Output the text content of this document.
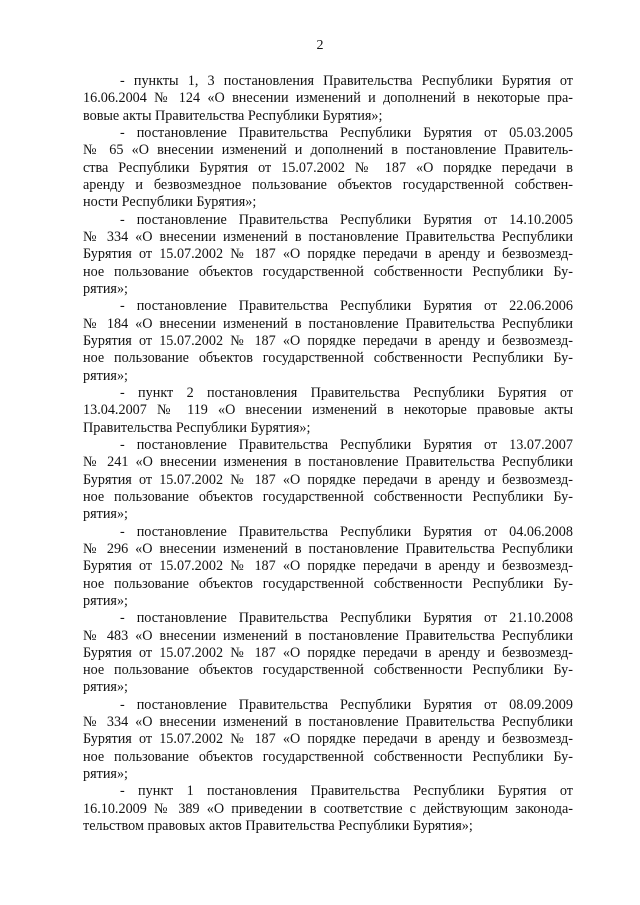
2
- пункты 1, 3 постановления Правительства Республики Бурятия от
16.06.2004 № 124 «О внесении изменений и дополнений в некоторые пра-
вовые акты Правительства Республики Бурятия»;
- постановление Правительства Республики Бурятия от 05.03.2005
№ 65 «О внесении изменений и дополнений в постановление Правитель-
ства Республики Бурятия от 15.07.2002 № 187 «О порядке передачи в
аренду и безвозмездное пользование объектов государственной собствен-
ности Республики Бурятия»;
- постановление Правительства Республики Бурятия от 14.10.2005
№ 334 «О внесении изменений в постановление Правительства Республики
Бурятия от 15.07.2002 № 187 «О порядке передачи в аренду и безвозмезд-
ное пользование объектов государственной собственности Республики Бу-
рятия»;
- постановление Правительства Республики Бурятия от 22.06.2006
№ 184 «О внесении изменений в постановление Правительства Республики
Бурятия от 15.07.2002 № 187 «О порядке передачи в аренду и безвозмезд-
ное пользование объектов государственной собственности Республики Бу-
рятия»;
- пункт 2 постановления Правительства Республики Бурятия от
13.04.2007 № 119 «О внесении изменений в некоторые правовые акты
Правительства Республики Бурятия»;
- постановление Правительства Республики Бурятия от 13.07.2007
№ 241 «О внесении изменения в постановление Правительства Республики
Бурятия от 15.07.2002 № 187 «О порядке передачи в аренду и безвозмезд-
ное пользование объектов государственной собственности Республики Бу-
рятия»;
- постановление Правительства Республики Бурятия от 04.06.2008
№ 296 «О внесении изменений в постановление Правительства Республики
Бурятия от 15.07.2002 № 187 «О порядке передачи в аренду и безвозмезд-
ное пользование объектов государственной собственности Республики Бу-
рятия»;
- постановление Правительства Республики Бурятия от 21.10.2008
№ 483 «О внесении изменений в постановление Правительства Республики
Бурятия от 15.07.2002 № 187 «О порядке передачи в аренду и безвозмезд-
ное пользование объектов государственной собственности Республики Бу-
рятия»;
- постановление Правительства Республики Бурятия от 08.09.2009
№ 334 «О внесении изменений в постановление Правительства Республики
Бурятия от 15.07.2002 № 187 «О порядке передачи в аренду и безвозмезд-
ное пользование объектов государственной собственности Республики Бу-
рятия»;
- пункт 1 постановления Правительства Республики Бурятия от
16.10.2009 № 389 «О приведении в соответствие с действующим законода-
тельством правовых актов Правительства Республики Бурятия»;
